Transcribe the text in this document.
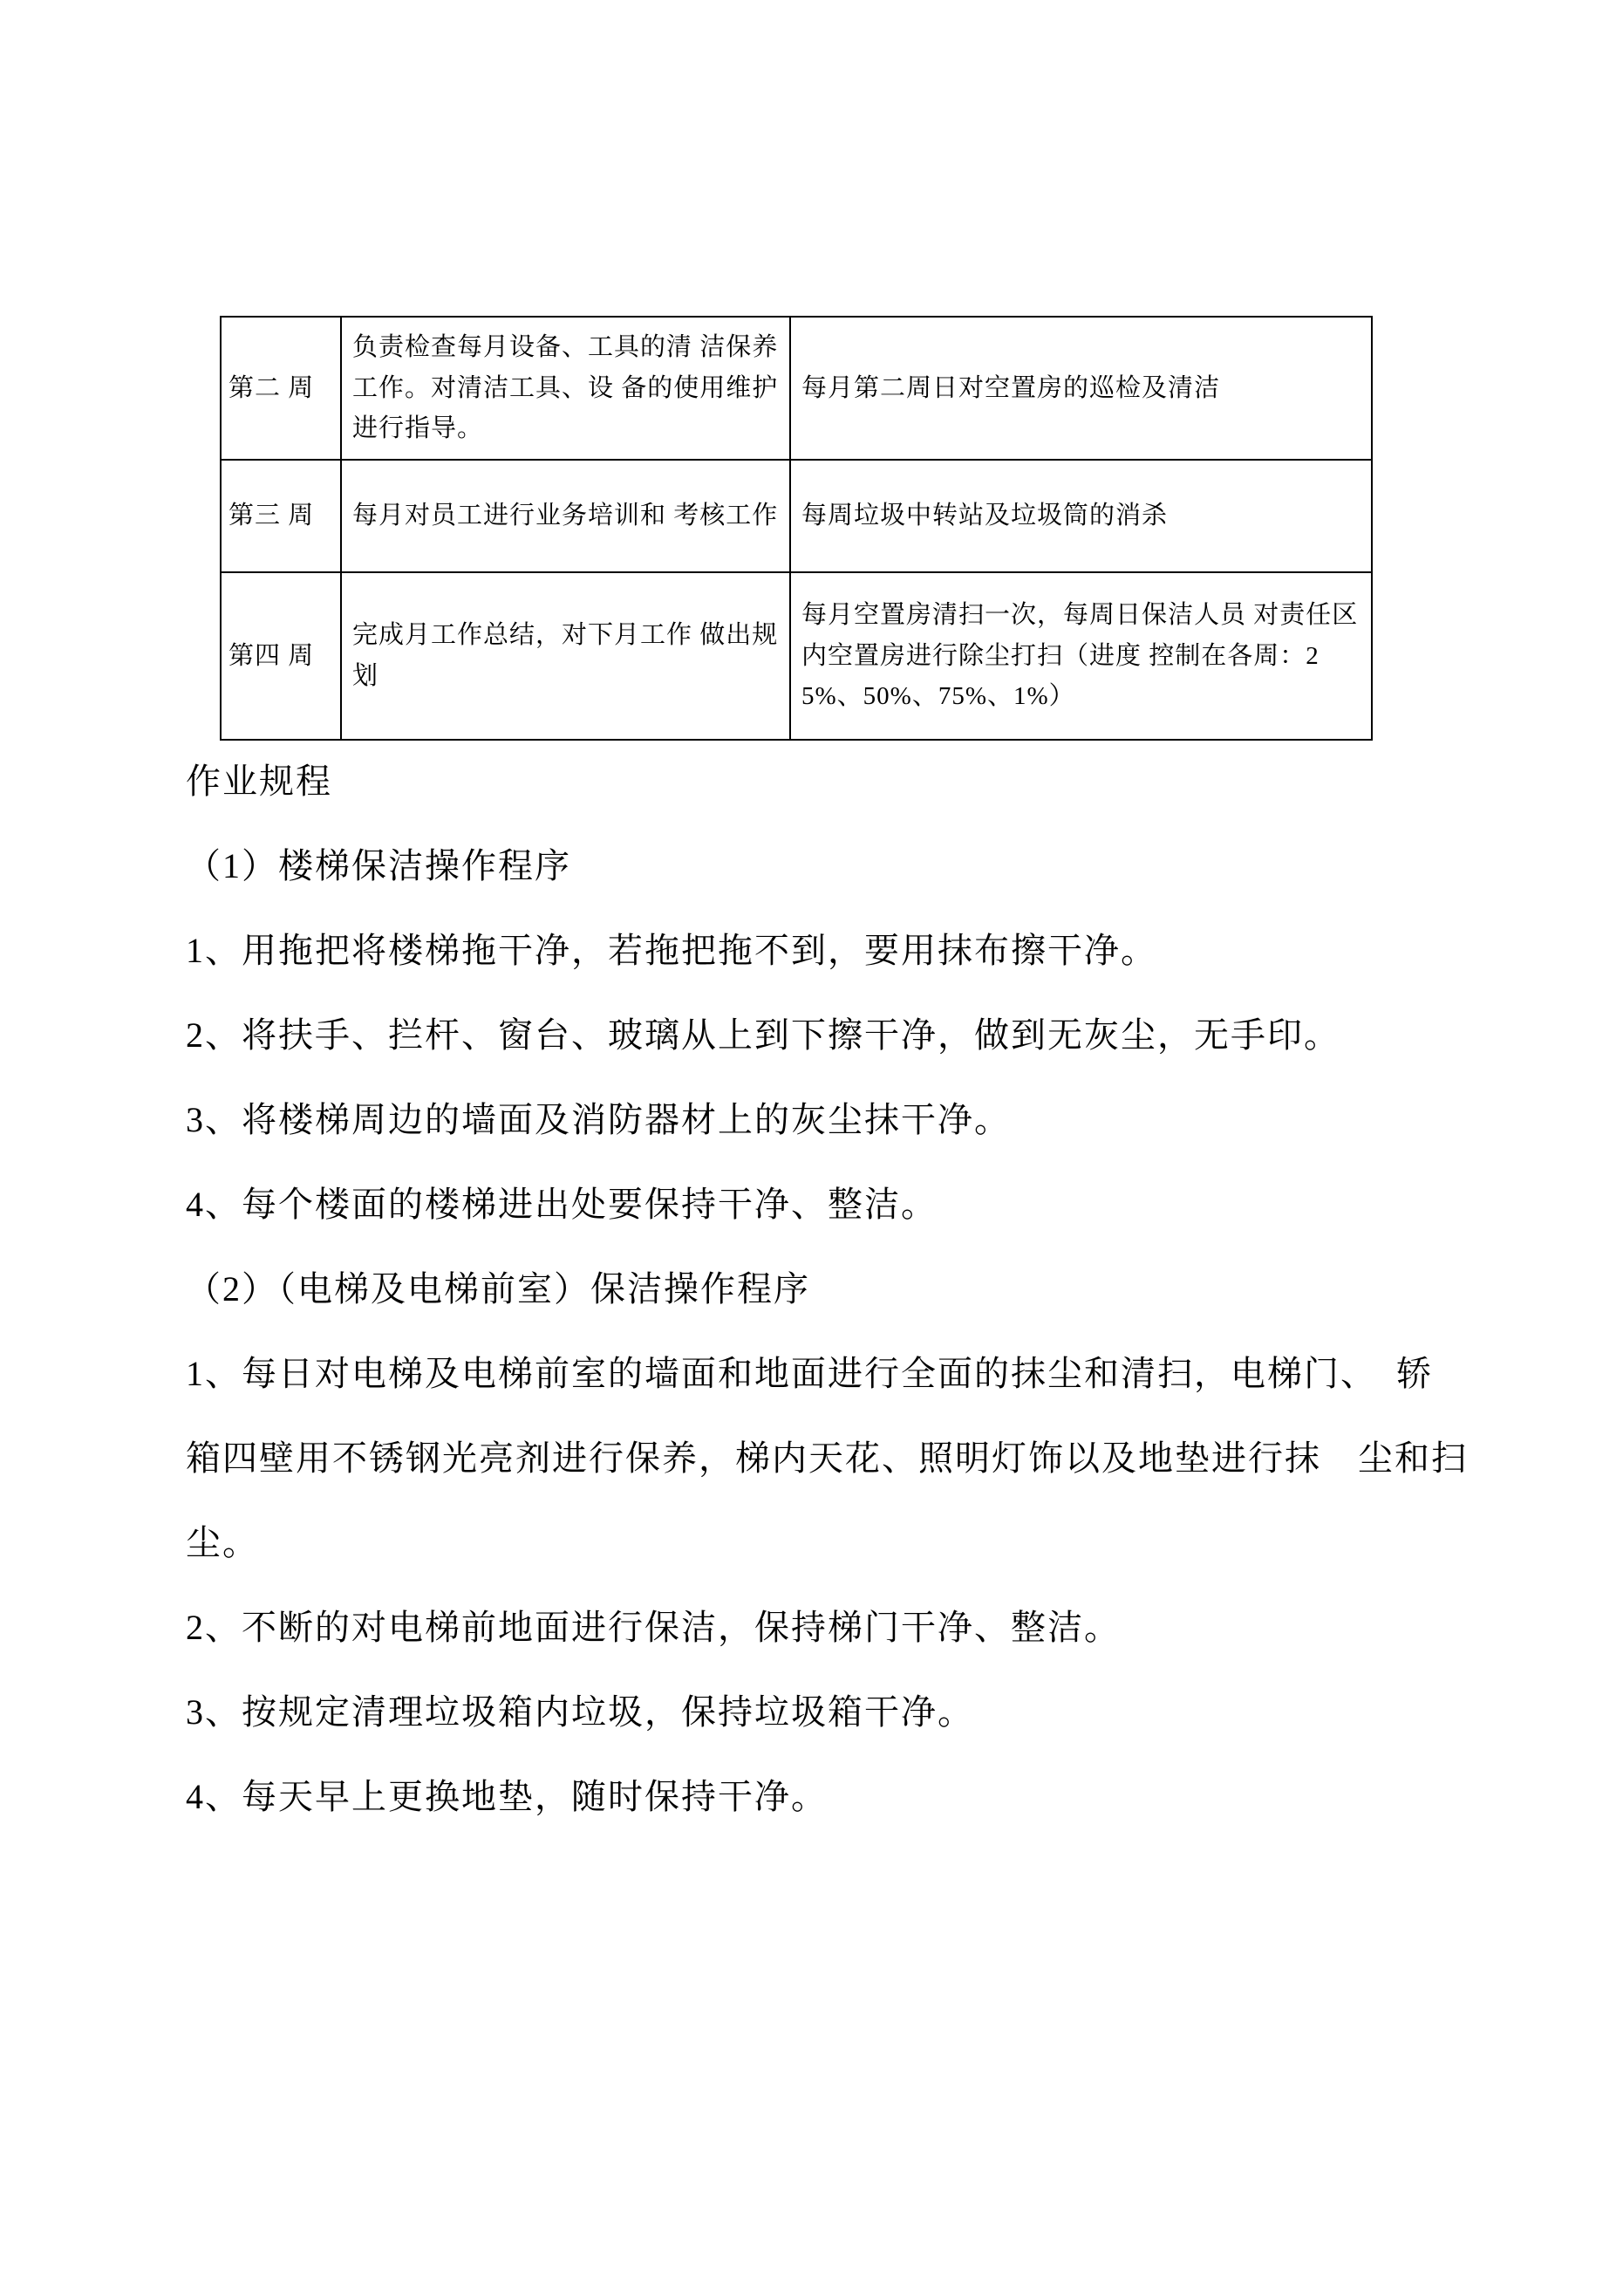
第二 周	负责检查每月设备、工具的清 洁保养工作。对清洁工具、设 备的使用维护进行指导。	每月第二周日对空置房的巡检及清洁
第三 周	每月对员工进行业务培训和 考核工作	每周垃圾中转站及垃圾筒的消杀
第四 周	完成月工作总结，对下月工作 做出规划	每月空置房清扫一次，每周日保洁人员 对责任区内空置房进行除尘打扫（进度 控制在各周：25%、50%、75%、1%）
作业规程
（1）楼梯保洁操作程序
1、用拖把将楼梯拖干净，若拖把拖不到，要用抹布擦干净。
2、将扶手、拦杆、窗台、玻璃从上到下擦干净，做到无灰尘，无手印。
3、将楼梯周边的墙面及消防器材上的灰尘抹干净。
4、每个楼面的楼梯进出处要保持干净、整洁。
（2）（电梯及电梯前室）保洁操作程序
1、每日对电梯及电梯前室的墙面和地面进行全面的抹尘和清扫，电梯门、　轿
箱四壁用不锈钢光亮剂进行保养，梯内天花、照明灯饰以及地垫进行抹　尘和扫
尘。
2、不断的对电梯前地面进行保洁，保持梯门干净、整洁。
3、按规定清理垃圾箱内垃圾，保持垃圾箱干净。
4、每天早上更换地垫，随时保持干净。
